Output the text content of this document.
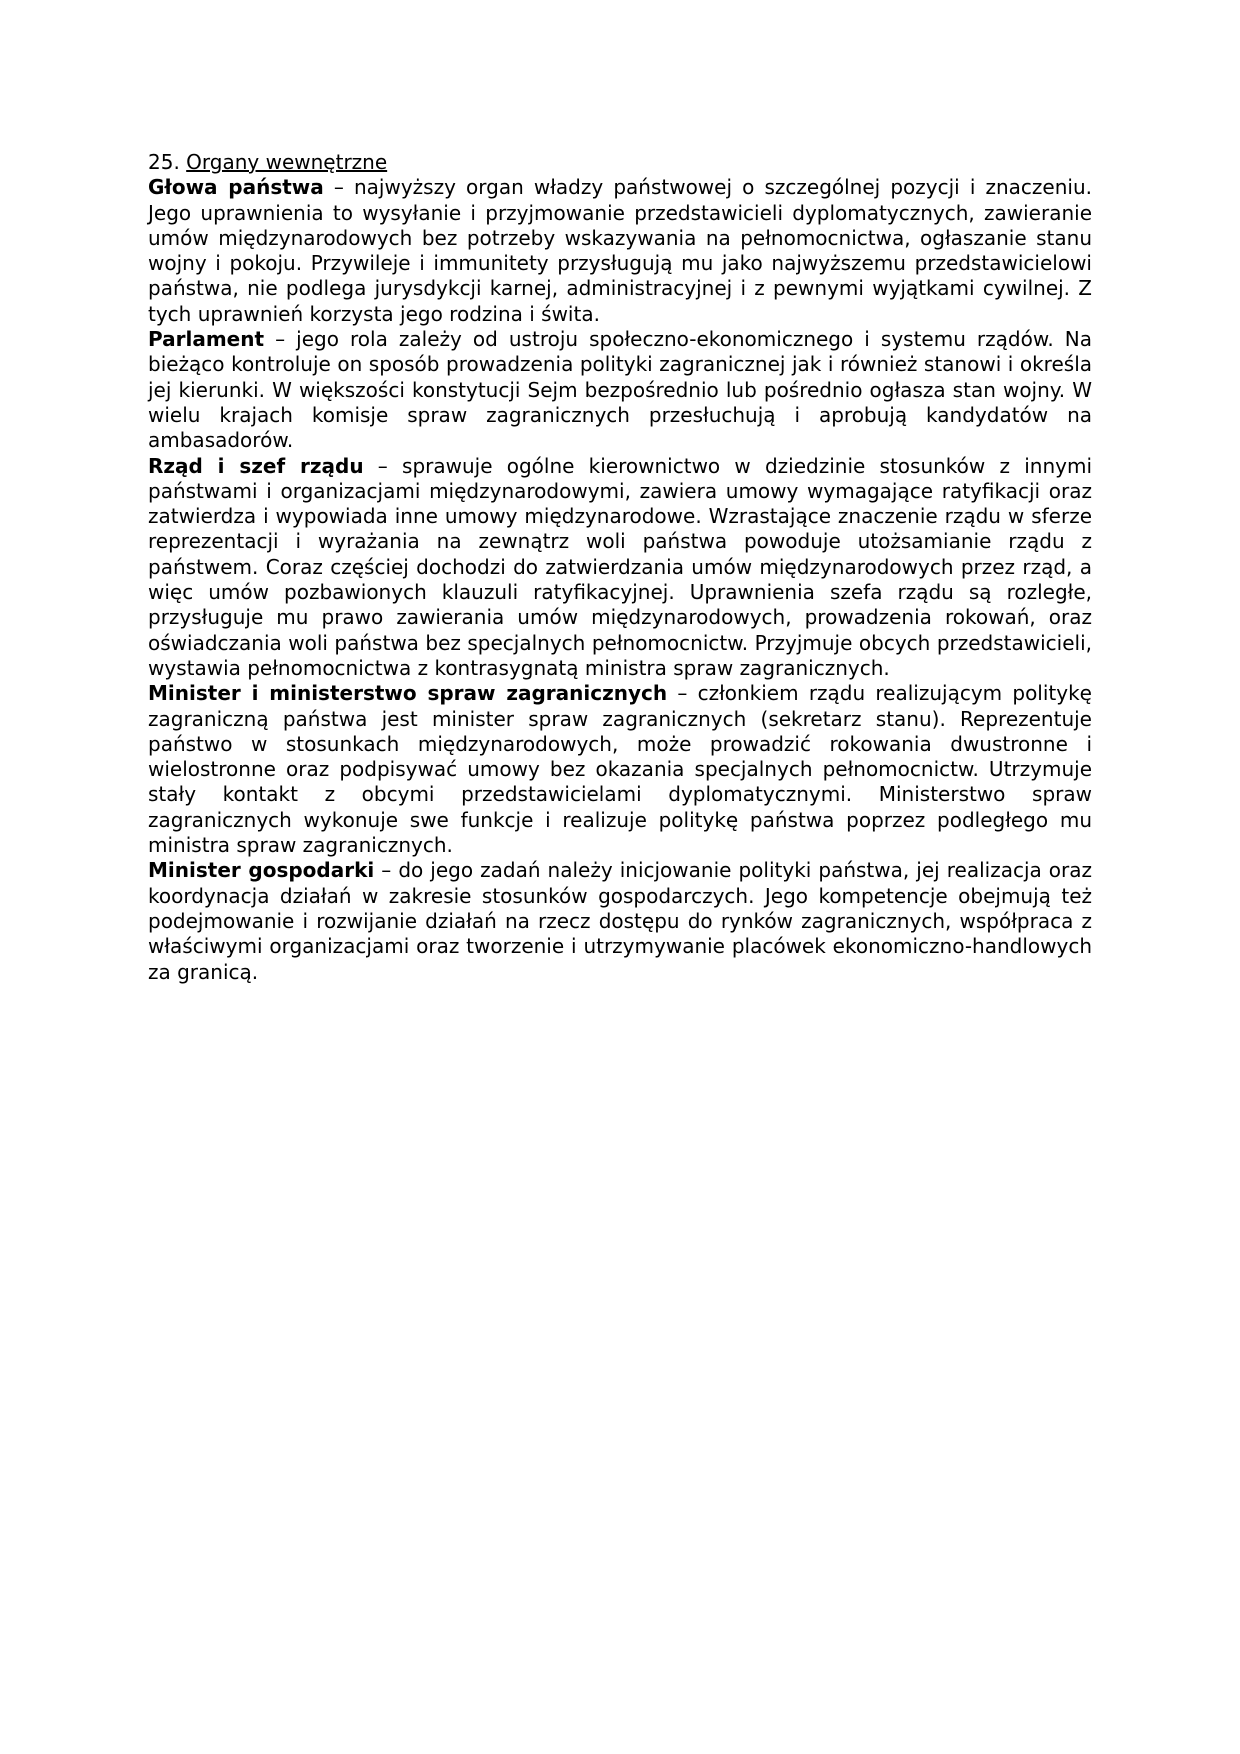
25. Organy wewnętrzne

Głowa państwa – najwyższy organ władzy państwowej o szczególnej pozycji i znaczeniu. Jego uprawnienia to wysyłanie i przyjmowanie przedstawicieli dyplomatycznych, zawieranie umów międzynarodowych bez potrzeby wskazywania na pełnomocnictwa, ogłaszanie stanu wojny i pokoju. Przywileje i immunitety przysługują mu jako najwyższemu przedstawicielowi państwa, nie podlega jurysdykcji karnej, administracyjnej i z pewnymi wyjątkami cywilnej. Z tych uprawnień korzysta jego rodzina i świta.

Parlament – jego rola zależy od ustroju społeczno-ekonomicznego i systemu rządów. Na bieżąco kontroluje on sposób prowadzenia polityki zagranicznej jak i również stanowi i określa jej kierunki. W większości konstytucji Sejm bezpośrednio lub pośrednio ogłasza stan wojny. W wielu krajach komisje spraw zagranicznych przesłuchują i aprobują kandydatów na ambasadorów.

Rząd i szef rządu – sprawuje ogólne kierownictwo w dziedzinie stosunków z innymi państwami i organizacjami międzynarodowymi, zawiera umowy wymagające ratyfikacji oraz zatwierdza i wypowiada inne umowy międzynarodowe. Wzrastające znaczenie rządu w sferze reprezentacji i wyrażania na zewnątrz woli państwa powoduje utożsamianie rządu z państwem. Coraz częściej dochodzi do zatwierdzania umów międzynarodowych przez rząd, a więc umów pozbawionych klauzuli ratyfikacyjnej. Uprawnienia szefa rządu są rozległe, przysługuje mu prawo zawierania umów międzynarodowych, prowadzenia rokowań, oraz oświadczania woli państwa bez specjalnych pełnomocnictw. Przyjmuje obcych przedstawicieli, wystawia pełnomocnictwa z kontrasygnatą ministra spraw zagranicznych.

Minister i ministerstwo spraw zagranicznych – członkiem rządu realizującym politykę zagraniczną państwa jest minister spraw zagranicznych (sekretarz stanu). Reprezentuje państwo w stosunkach międzynarodowych, może prowadzić rokowania dwustronne i wielostronne oraz podpisywać umowy bez okazania specjalnych pełnomocnictw. Utrzymuje stały kontakt z obcymi przedstawicielami dyplomatycznymi. Ministerstwo spraw zagranicznych wykonuje swe funkcje i realizuje politykę państwa poprzez podległego mu ministra spraw zagranicznych.

Minister gospodarki – do jego zadań należy inicjowanie polityki państwa, jej realizacja oraz koordynacja działań w zakresie stosunków gospodarczych. Jego kompetencje obejmują też podejmowanie i rozwijanie działań na rzecz dostępu do rynków zagranicznych, współpraca z właściwymi organizacjami oraz tworzenie i utrzymywanie placówek ekonomiczno-handlowych za granicą.
